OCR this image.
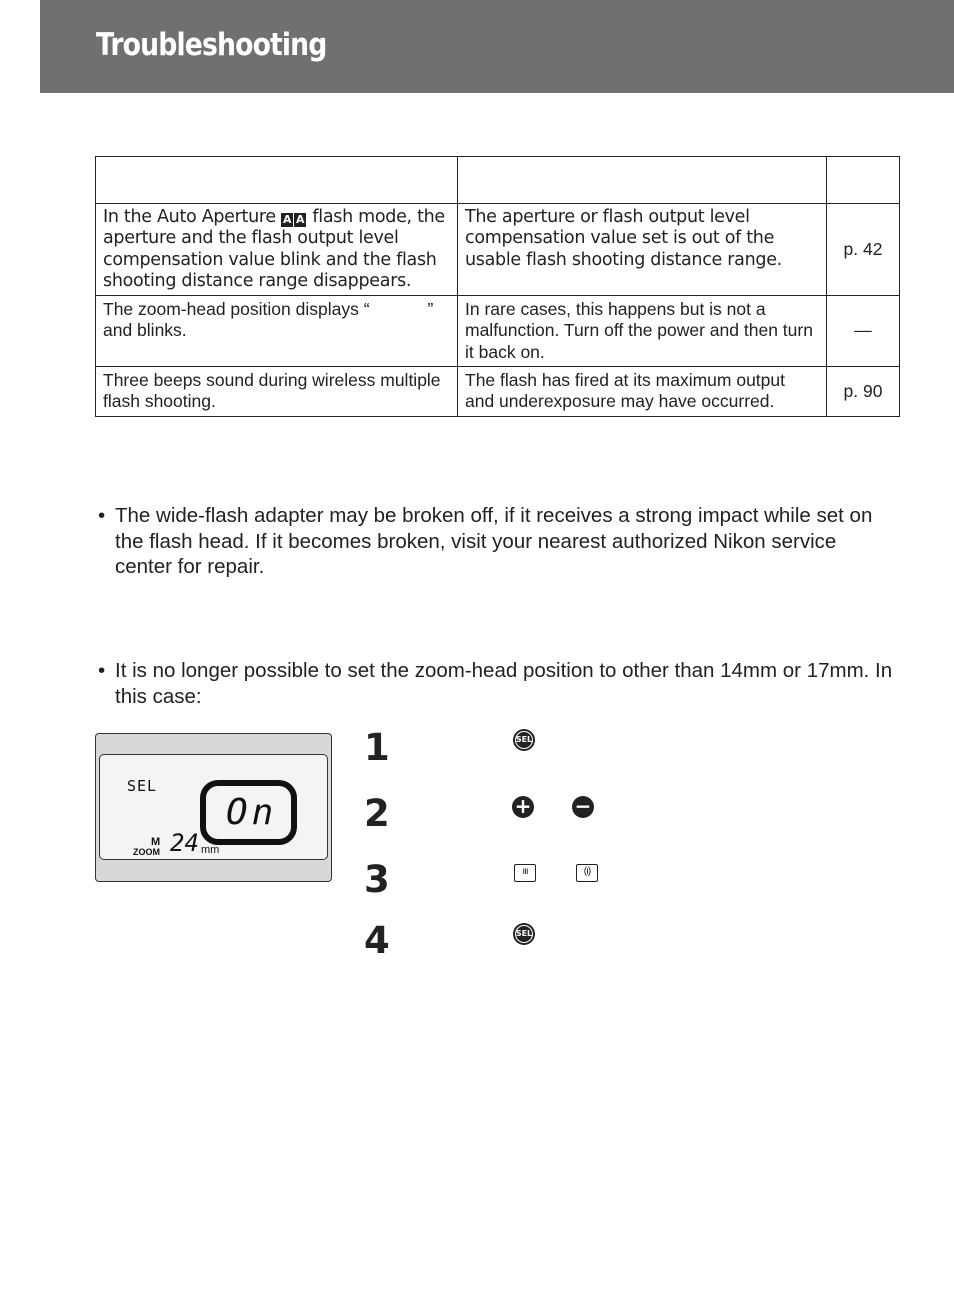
Troubleshooting

In the Auto Aperture A A flash mode, the aperture and the flash output level compensation value blink and the flash shooting distance range disappears.	The aperture or flash output level compensation value set is out of the usable flash shooting distance range.	p. 42
The zoom-head position displays “ ” and blinks.	In rare cases, this happens but is not a malfunction. Turn off the power and then turn it back on.	—
Three beeps sound during wireless multiple flash shooting.	The flash has fired at its maximum output and underexposure may have occurred.	p. 90

• The wide-flash adapter may be broken off, if it receives a strong impact while set on the flash head. If it becomes broken, visit your nearest authorized Nikon service center for repair.

• It is no longer possible to set the zoom-head position to other than 14mm or 17mm. In this case:

SEL
On
M
ZOOM 24 mm
1	SEL
2	+ −
3	ııı	(ı)
4	SEL
